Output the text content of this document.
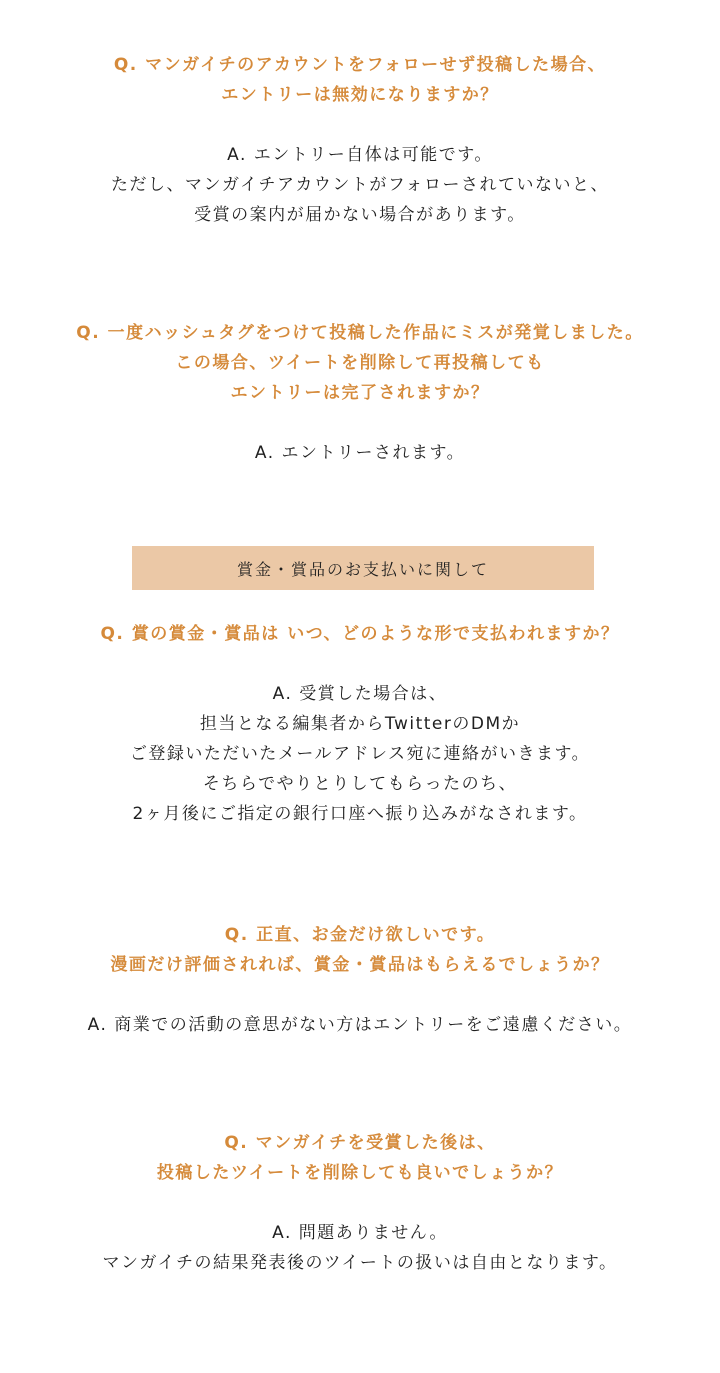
Q. マンガイチのアカウントをフォローせず投稿した場合、
エントリーは無効になりますか？
A. エントリー自体は可能です。
ただし、マンガイチアカウントがフォローされていないと、
受賞の案内が届かない場合があります。
Q. 一度ハッシュタグをつけて投稿した作品にミスが発覚しました。
この場合、ツイートを削除して再投稿しても
エントリーは完了されますか？
A. エントリーされます。
賞金・賞品のお支払いに関して
Q. 賞の賞金・賞品は いつ、どのような形で支払われますか？
A. 受賞した場合は、
担当となる編集者からTwitterのDMか
ご登録いただいたメールアドレス宛に連絡がいきます。
そちらでやりとりしてもらったのち、
2ヶ月後にご指定の銀行口座へ振り込みがなされます。
Q. 正直、お金だけ欲しいです。
漫画だけ評価されれば、賞金・賞品はもらえるでしょうか？
A. 商業での活動の意思がない方はエントリーをご遠慮ください。
Q. マンガイチを受賞した後は、
投稿したツイートを削除しても良いでしょうか？
A. 問題ありません。
マンガイチの結果発表後のツイートの扱いは自由となります。
